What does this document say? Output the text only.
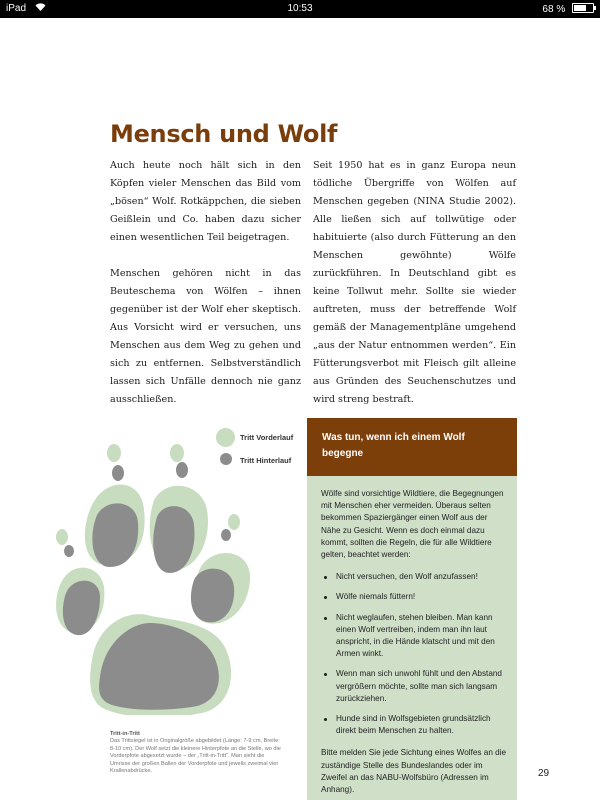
iPad	10:53	68 %
Mensch und Wolf

Auch heute noch hält sich in den Köpfen vieler Menschen das Bild vom „bösen“ Wolf. Rotkäppchen, die sieben Geißlein und Co. haben dazu sicher einen wesentlichen Teil beigetragen.

Menschen gehören nicht in das Beuteschema von Wölfen – ihnen gegenüber ist der Wolf eher skeptisch. Aus Vorsicht wird er versuchen, uns Menschen aus dem Weg zu gehen und sich zu entfernen. Selbstverständlich lassen sich Unfälle dennoch nie ganz ausschließen.

Seit 1950 hat es in ganz Europa neun tödliche Übergriffe von Wölfen auf Menschen gegeben (NINA Studie 2002). Alle ließen sich auf tollwütige oder habituierte (also durch Fütterung an den Menschen gewöhnte) Wölfe zurückführen. In Deutschland gibt es keine Tollwut mehr. Sollte sie wieder auftreten, muss der betreffende Wolf gemäß der Managementpläne umgehend „aus der Natur entnommen werden“. Ein Fütterungsverbot mit Fleisch gilt alleine aus Gründen des Seuchenschutzes und wird streng bestraft.

Tritt Vorderlauf
Tritt Hinterlauf
Tritt-in-Tritt
Das Trittsiegel ist in Originalgröße abgebildet (Länge: 7-9 cm, Breite: 8-10 cm). Der Wolf setzt die kleinere Hinterpfote an die Stelle, wo die Vorderpfote abgesetzt wurde – der „Tritt-in-Tritt“. Man sieht die Umrisse der großen Ballen der Vorderpfote und jeweils zweimal vier Krallenabdrücke.
Was tun, wenn ich einem Wolf begegne

Wölfe sind vorsichtige Wildtiere, die Begegnungen mit Menschen eher vermeiden. Überaus selten bekommen Spaziergänger einen Wolf aus der Nähe zu Gesicht. Wenn es doch einmal dazu kommt, sollten die Regeln, die für alle Wildtiere gelten, beachtet werden:

Nicht versuchen, den Wolf anzufassen!
Wölfe niemals füttern!
Nicht weglaufen, stehen bleiben. Man kann einen Wolf vertreiben, indem man ihn laut anspricht, in die Hände klatscht und mit den Armen winkt.
Wenn man sich unwohl fühlt und den Abstand vergrößern möchte, sollte man sich langsam zurückziehen.
Hunde sind in Wolfsgebieten grundsätzlich direkt beim Menschen zu halten.

Bitte melden Sie jede Sichtung eines Wolfes an die zuständige Stelle des Bundeslandes oder im Zweifel an das NABU-Wolfsbüro (Adressen im Anhang).

29
